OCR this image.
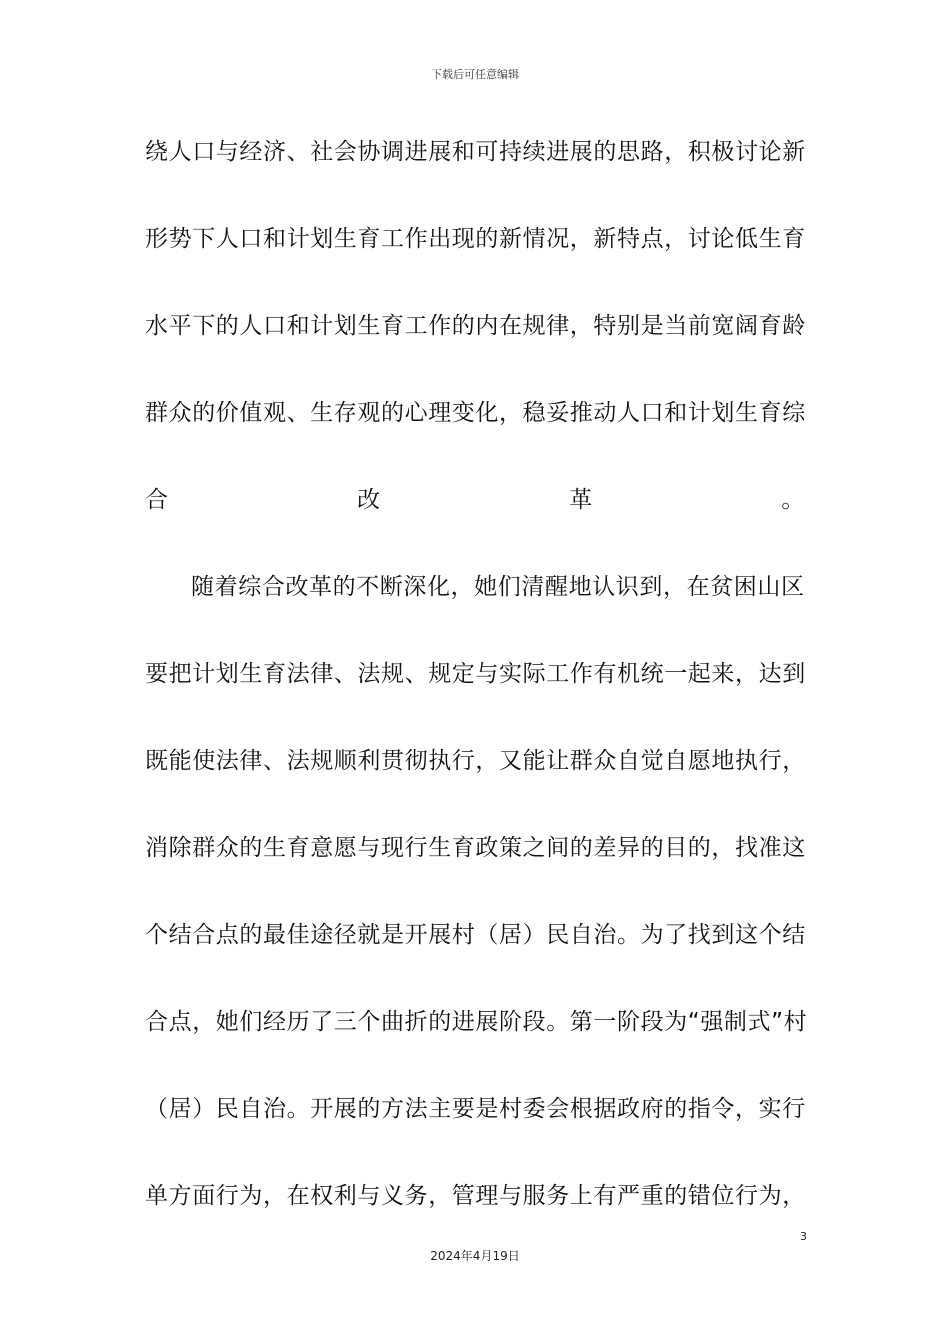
下载后可任意编辑
绕人口与经济、社会协调进展和可持续进展的思路，积极讨论新
形势下人口和计划生育工作出现的新情况，新特点，讨论低生育
水平下的人口和计划生育工作的内在规律，特别是当前宽阔育龄
群众的价值观、生存观的心理变化，稳妥推动人口和计划生育综
合	改	革	。
随着综合改革的不断深化，她们清醒地认识到，在贫困山区
要把计划生育法律、法规、规定与实际工作有机统一起来，达到
既能使法律、法规顺利贯彻执行，又能让群众自觉自愿地执行，
消除群众的生育意愿与现行生育政策之间的差异的目的，找准这
个结合点的最佳途径就是开展村（居）民自治。为了找到这个结
合点，她们经历了三个曲折的进展阶段。第一阶段为“强制式”村
（居）民自治。开展的方法主要是村委会根据政府的指令，实行
单方面行为，在权利与义务，管理与服务上有严重的错位行为，
3
2024年4月19日
